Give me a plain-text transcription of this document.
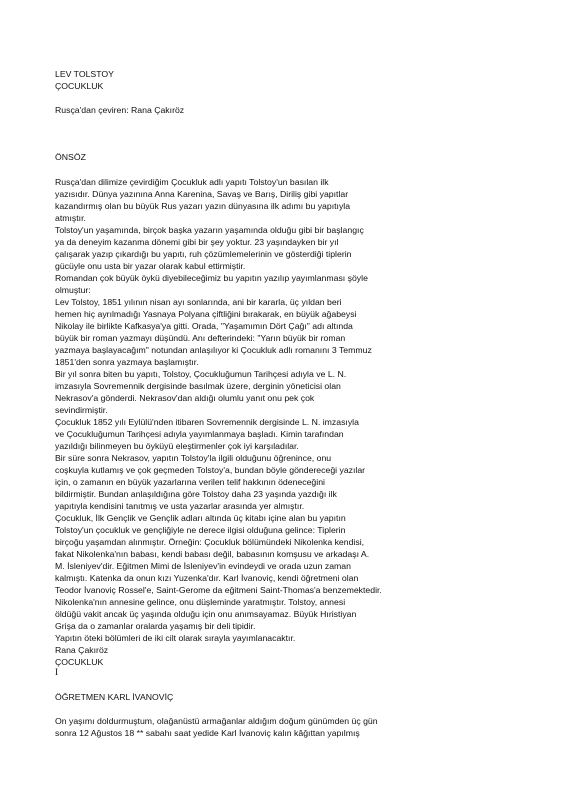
LEV TOLSTOY
ÇOCUKLUK
Rusça'dan çeviren: Rana Çakıröz
ÖNSÖZ
Rusça'dan dilimize çevirdiğim Çocukluk adlı yapıtı Tolstoy'un basılan ilk
yazısıdır. Dünya yazınına Anna Karenina, Savaş ve Barış, Diriliş gibi yapıtlar
kazandırmış olan bu büyük Rus yazarı yazın dünyasına ilk adımı bu yapıtıyla
atmıştır.
Tolstoy'un yaşamında, birçok başka yazarın yaşamında olduğu gibi bir başlangıç
ya da deneyim kazanma dönemi gibi bir şey yoktur. 23 yaşındayken bir yıl
çalışarak yazıp çıkardığı bu yapıtı, ruh çözümlemelerinin ve gösterdiği tiplerin
gücüyle onu usta bir yazar olarak kabul ettirmiştir.
Romandan çok büyük öykü diyebileceğimiz bu yapıtın yazılıp yayımlanması şöyle
olmuştur:
Lev Tolstoy, 1851 yılının nisan ayı sonlarında, ani bir kararla, üç yıldan beri
hemen hiç ayrılmadığı Yasnaya Polyana çiftliğini bırakarak, en büyük ağabeysi
Nikolay ile birlikte Kafkasya'ya gitti. Orada, "Yaşamımın Dört Çağı" adı altında
büyük bir roman yazmayı düşündü. Anı defterindeki: "Yarın büyük bir roman
yazmaya başlayacağım" notundan anlaşılıyor ki Çocukluk adlı romanını 3 Temmuz
1851'den sonra yazmaya başlamıştır.
Bir yıl sonra biten bu yapıtı, Tolstoy, Çocukluğumun Tarihçesi adıyla ve L. N.
imzasıyla Sovremennik dergisinde basılmak üzere, derginin yöneticisi olan
Nekrasov'a gönderdi. Nekrasov'dan aldığı olumlu yanıt onu pek çok
sevindirmiştir.
Çocukluk 1852 yılı Eylülü'nden itibaren Sovremennik dergisinde L. N. imzasıyla
ve Çocukluğumun Tarihçesi adıyla yayımlanmaya başladı. Kimin tarafından
yazıldığı bilinmeyen bu öyküyü eleştirmenler çok iyi karşıladılar.
Bir süre sonra Nekrasov, yapıtın Tolstoy'la ilgili olduğunu öğrenince, onu
coşkuyla kutlamış ve çok geçmeden Tolstoy'a, bundan böyle göndereceği yazılar
için, o zamanın en büyük yazarlarına verilen telif hakkının ödeneceğini
bildirmiştir. Bundan anlaşıldığına göre Tolstoy daha 23 yaşında yazdığı ilk
yapıtıyla kendisini tanıtmış ve usta yazarlar arasında yer almıştır.
Çocukluk, İlk Gençlik ve Gençlik adları altında üç kitabı içine alan bu yapıtın
Tolstoy'un çocukluk ve gençliğiyle ne derece ilgisi olduğuna gelince: Tiplerin
birçoğu yaşamdan alınmıştır. Örneğin: Çocukluk bölümündeki Nikolenka kendisi,
fakat Nikolenka'nın babası, kendi babası değil, babasının komşusu ve arkadaşı A.
M. İsleniyev'dir. Eğitmen Mimi de İsleniyev'in evindeydi ve orada uzun zaman
kalmıştı. Katenka da onun kızı Yuzenka'dır. Karl İvanoviç, kendi öğretmeni olan
Teodor İvanoviç Rossel'e, Saint-Gerome da eğitmeni Saint-Thomas'a benzemektedir.
Nikolenka'nın annesine gelince, onu düşleminde yaratmıştır. Tolstoy, annesi
öldüğü vakit ancak üç yaşında olduğu için onu anımsayamaz. Büyük Hıristiyan
Grişa da o zamanlar oralarda yaşamış bir deli tipidir.
Yapıtın öteki bölümleri de iki cilt olarak sırayla yayımlanacaktır.
Rana Çakıröz
ÇOCUKLUK
I
ÖĞRETMEN KARL İVANOVİÇ
On yaşımı doldurmuştum, olağanüstü armağanlar aldığım doğum günümden üç gün
sonra 12 Ağustos 18 ** sabahı saat yedide Karl İvanoviç kalın kâğıttan yapılmış
